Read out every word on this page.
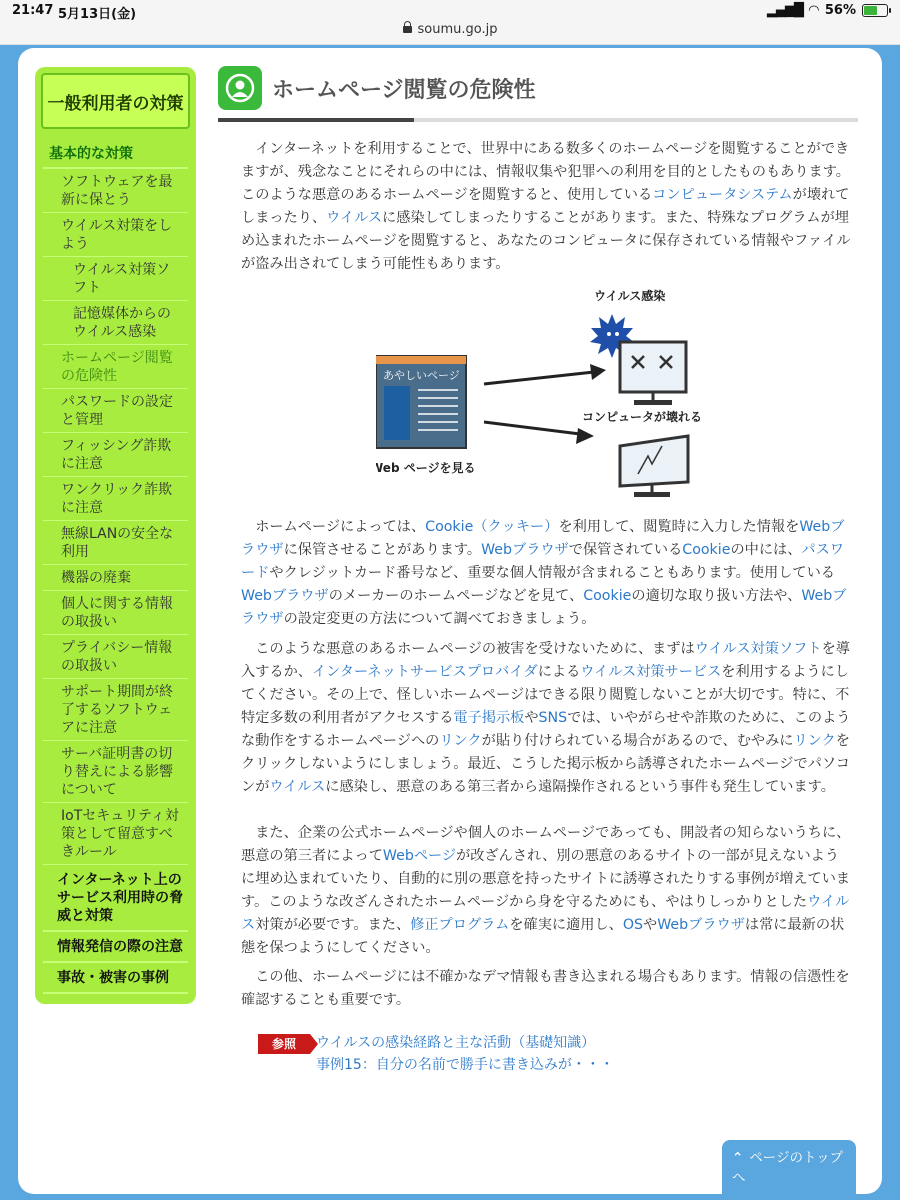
21:47 5月13日(金)	▂▄▆█ ◠ 56%
soumu.go.jp
一般利用者の対策
基本的な対策
ソフトウェアを最新に保とう
ウイルス対策をしよう
ウイルス対策ソフト
記憶媒体からのウイルス感染
ホームページ閲覧の危険性
パスワードの設定と管理
フィッシング詐欺に注意
ワンクリック詐欺に注意
無線LANの安全な利用
機器の廃棄
個人に関する情報の取扱い
プライバシー情報の取扱い
サポート期間が終了するソフトウェアに注意
サーバ証明書の切り替えによる影響について
IoTセキュリティ対策として留意すべきルール
インターネット上のサービス利用時の脅威と対策
情報発信の際の注意
事故・被害の事例
ホームページ閲覧の危険性

　インターネットを利用することで、世界中にある数多くのホームページを閲覧することができますが、残念なことにそれらの中には、情報収集や犯罪への利用を目的としたものもあります。このような悪意のあるホームページを閲覧すると、使用しているコンピュータシステムが壊れてしまったり、ウイルスに感染してしまったりすることがあります。また、特殊なプログラムが埋め込まれたホームページを閲覧すると、あなたのコンピュータに保存されている情報やファイルが盗み出されてしまう可能性もあります。

あやしいページ
Web ページを見る
ウイルス感染
コンピュータが壊れる

　ホームページによっては、Cookie（クッキー）を利用して、閲覧時に入力した情報をWebブラウザに保管させることがあります。Webブラウザで保管されているCookieの中には、パスワードやクレジットカード番号など、重要な個人情報が含まれることもあります。使用しているWebブラウザのメーカーのホームページなどを見て、Cookieの適切な取り扱い方法や、Webブラウザの設定変更の方法について調べておきましょう。

　このような悪意のあるホームページの被害を受けないために、まずはウイルス対策ソフトを導入するか、インターネットサービスプロバイダによるウイルス対策サービスを利用するようにしてください。その上で、怪しいホームページはできる限り閲覧しないことが大切です。特に、不特定多数の利用者がアクセスする電子掲示板やSNSでは、いやがらせや詐欺のために、このような動作をするホームページへのリンクが貼り付けられている場合があるので、むやみにリンクをクリックしないようにしましょう。最近、こうした掲示板から誘導されたホームページでパソコンがウイルスに感染し、悪意のある第三者から遠隔操作されるという事件も発生しています。

　また、企業の公式ホームページや個人のホームページであっても、開設者の知らないうちに、悪意の第三者によってWebページが改ざんされ、別の悪意のあるサイトの一部が見えないように埋め込まれていたり、自動的に別の悪意を持ったサイトに誘導されたりする事例が増えています。このような改ざんされたホームページから身を守るためにも、やはりしっかりとしたウイルス対策が必要です。また、修正プログラムを確実に適用し、OSやWebブラウザは常に最新の状態を保つようにしてください。

　この他、ホームページには不確かなデマ情報も書き込まれる場合もあります。情報の信憑性を確認することも重要です。

参照	ウイルスの感染経路と主な活動（基礎知識）
事例15：自分の名前で勝手に書き込みが・・・
⌃ ページのトップへ
